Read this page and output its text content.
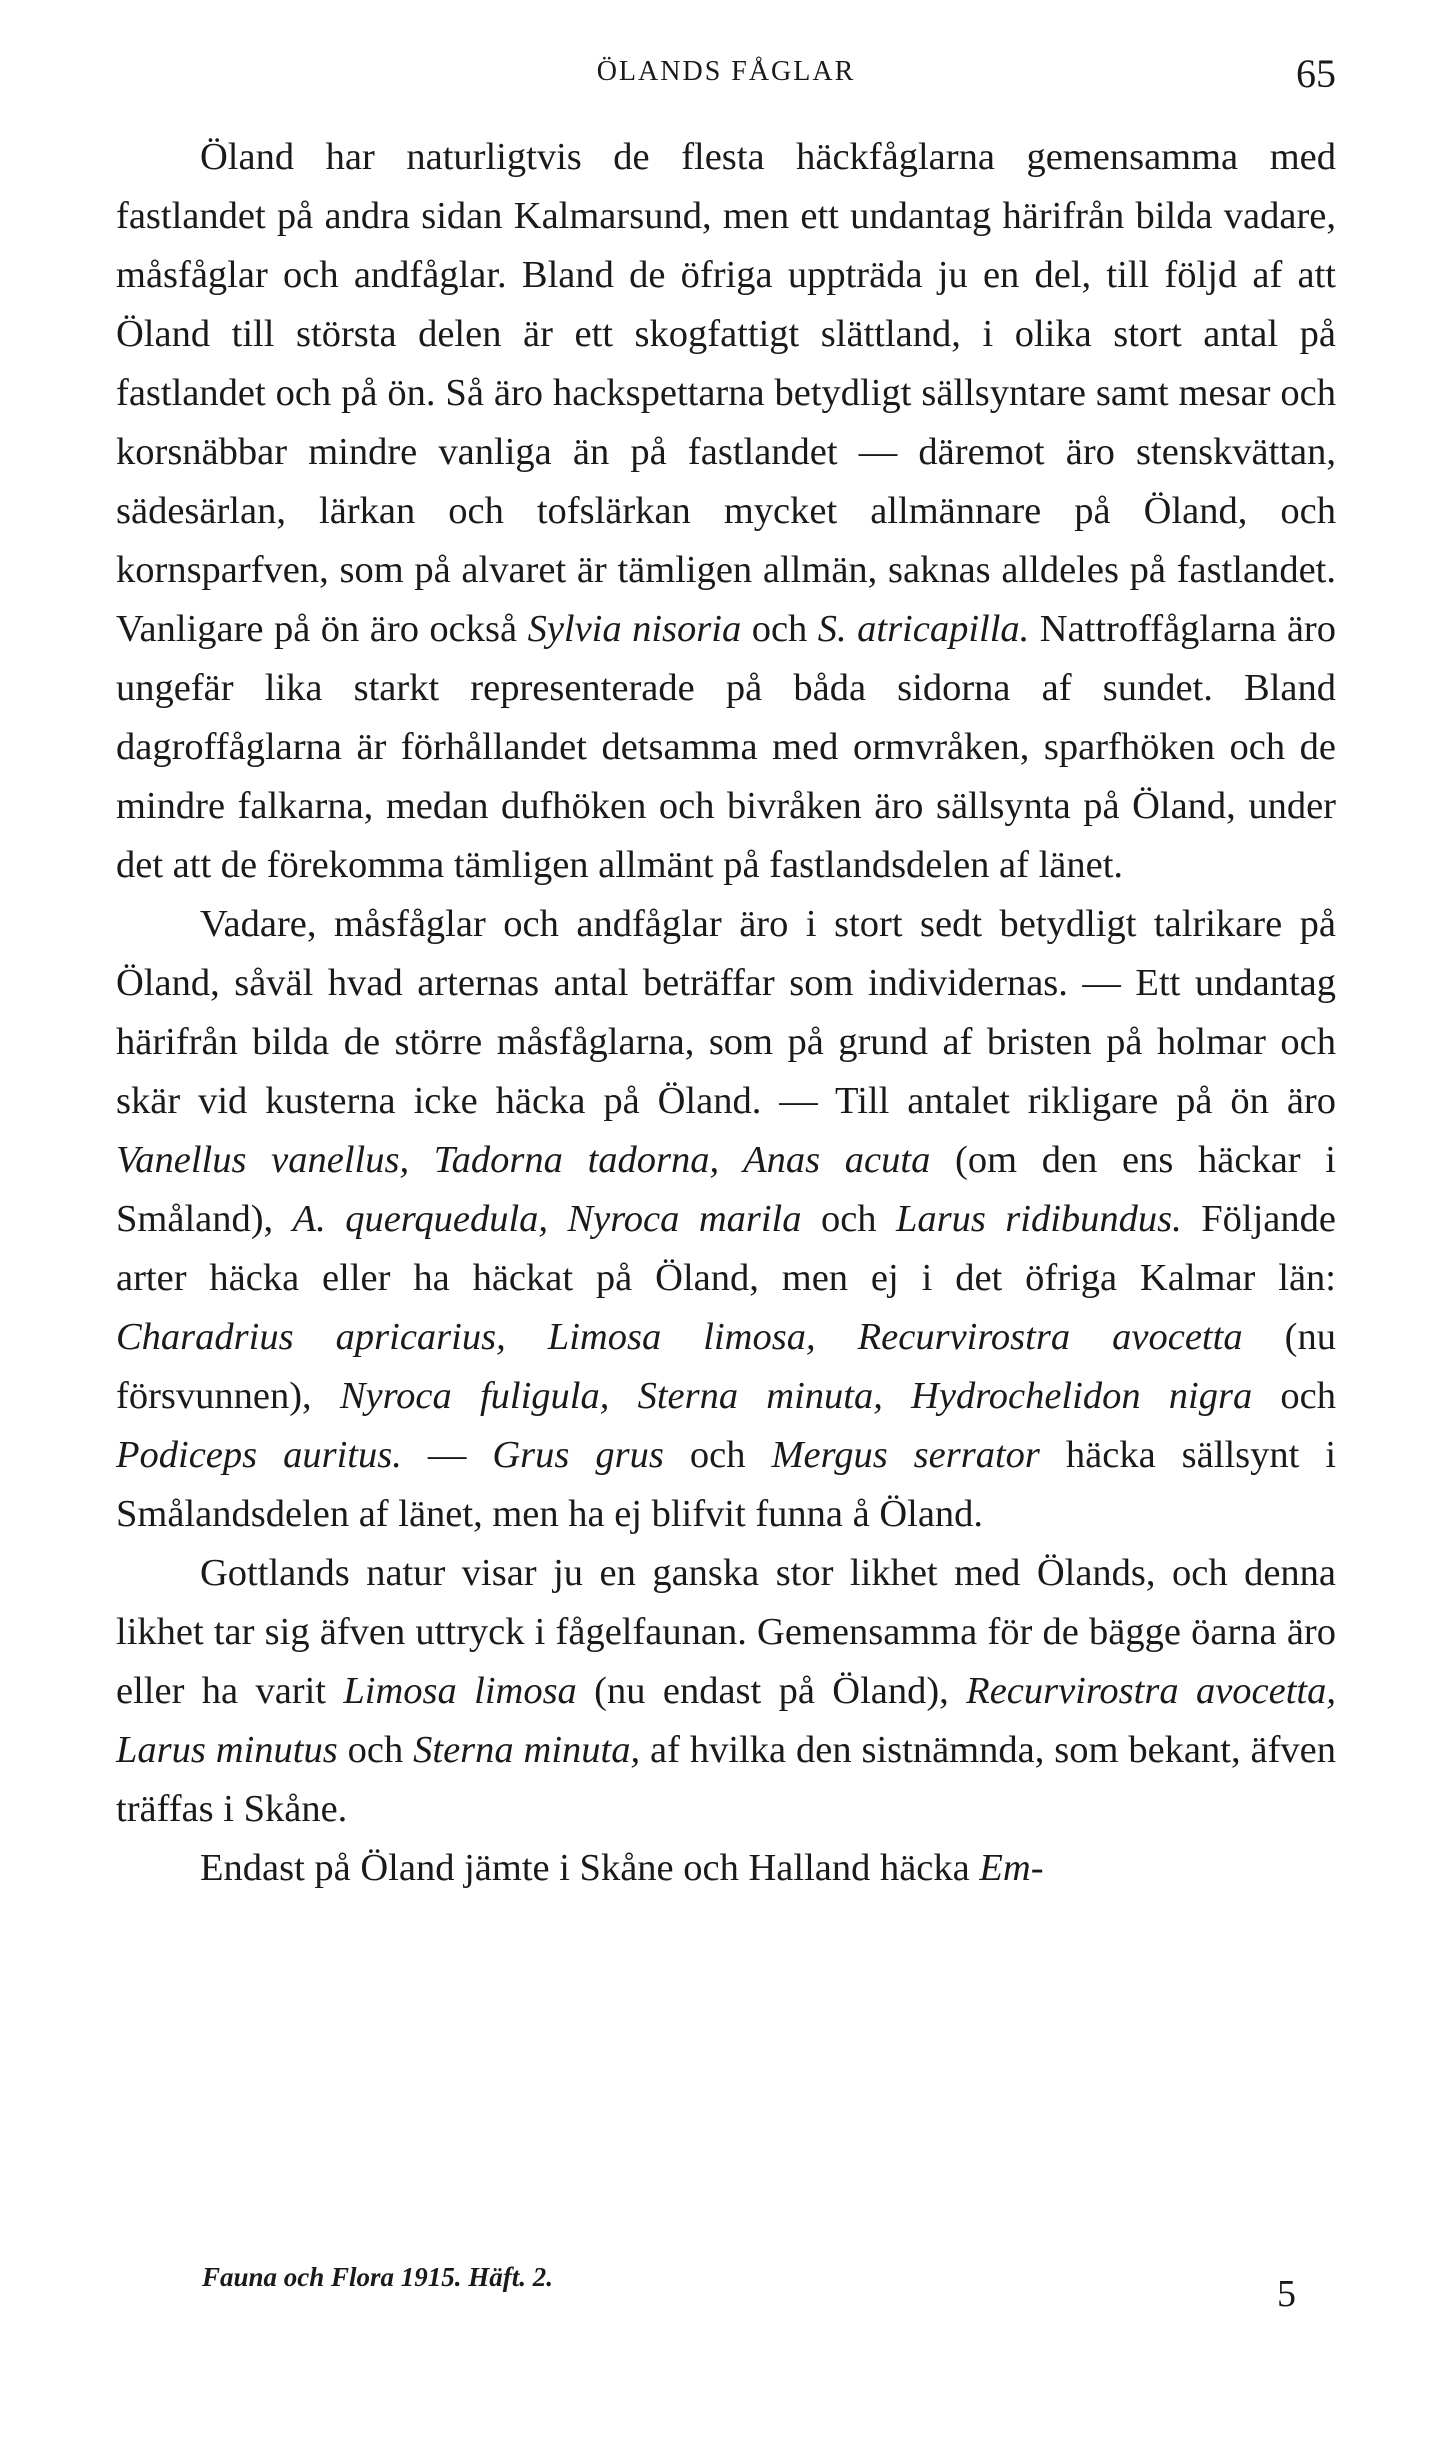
ÖLANDS FÅGLAR	65

Öland har naturligtvis de flesta häckfåglarna gemensamma med fastlandet på andra sidan Kalmarsund, men ett undantag härifrån bilda vadare, måsfåglar och andfåglar. Bland de öfriga uppträda ju en del, till följd af att Öland till största delen är ett skogfattigt slättland, i olika stort antal på fastlandet och på ön. Så äro hackspettarna betydligt sällsyntare samt mesar och korsnäbbar mindre vanliga än på fastlandet — däremot äro stenskvättan, sädesärlan, lärkan och tofslärkan mycket allmännare på Öland, och kornsparfven, som på alvaret är tämligen allmän, saknas alldeles på fastlandet. Vanligare på ön äro också Sylvia nisoria och S. atricapilla. Nattroffåglarna äro ungefär lika starkt representerade på båda sidorna af sundet. Bland dagroffåglarna är förhållandet detsamma med ormvråken, sparfhöken och de mindre falkarna, medan dufhöken och bivråken äro sällsynta på Öland, under det att de förekomma tämligen allmänt på fastlandsdelen af länet.

Vadare, måsfåglar och andfåglar äro i stort sedt betydligt talrikare på Öland, såväl hvad arternas antal beträffar som individernas. — Ett undantag härifrån bilda de större måsfåglarna, som på grund af bristen på holmar och skär vid kusterna icke häcka på Öland. — Till antalet rikligare på ön äro Vanellus vanellus, Tadorna tadorna, Anas acuta (om den ens häckar i Småland), A. querquedula, Nyroca marila och Larus ridibundus. Följande arter häcka eller ha häckat på Öland, men ej i det öfriga Kalmar län: Charadrius apricarius, Limosa limosa, Recurvirostra avocetta (nu försvunnen), Nyroca fuligula, Sterna minuta, Hydrochelidon nigra och Podiceps auritus. — Grus grus och Mergus serrator häcka sällsynt i Smålandsdelen af länet, men ha ej blifvit funna å Öland.

Gottlands natur visar ju en ganska stor likhet med Ölands, och denna likhet tar sig äfven uttryck i fågelfaunan. Gemensamma för de bägge öarna äro eller ha varit Limosa limosa (nu endast på Öland), Recurvirostra avocetta, Larus minutus och Sterna minuta, af hvilka den sistnämnda, som bekant, äfven träffas i Skåne.

Endast på Öland jämte i Skåne och Halland häcka Em-

Fauna och Flora 1915. Häft. 2.	5
